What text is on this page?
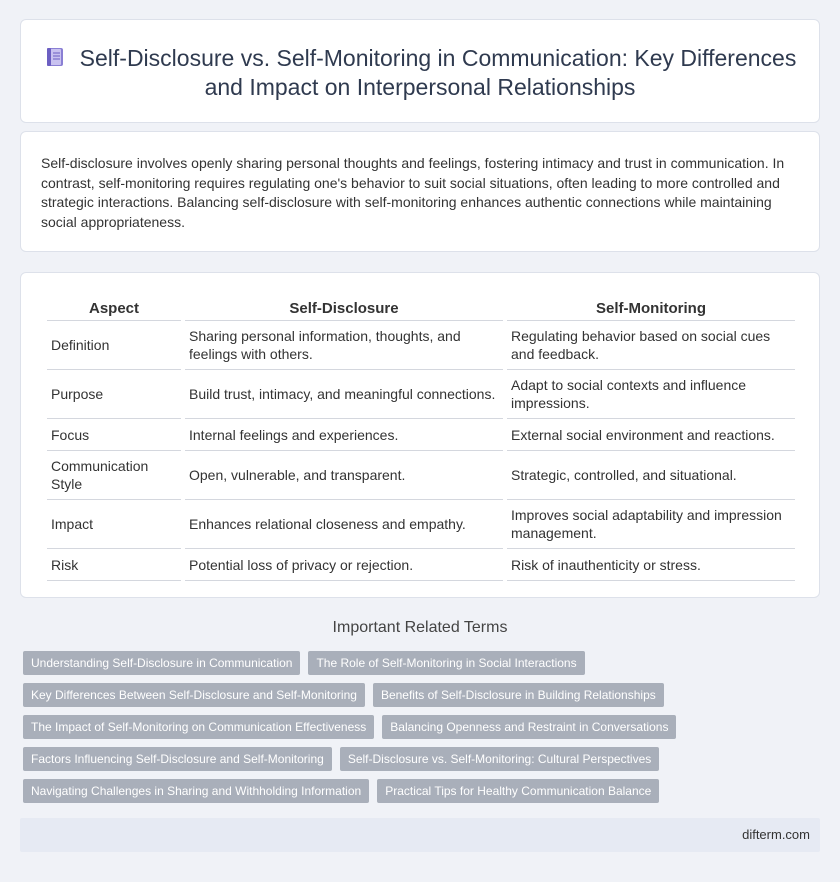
Self-Disclosure vs. Self-Monitoring in Communication: Key Differences and Impact on Interpersonal Relationships

Self-disclosure involves openly sharing personal thoughts and feelings, fostering intimacy and trust in communication. In contrast, self-monitoring requires regulating one's behavior to suit social situations, often leading to more controlled and strategic interactions. Balancing self-disclosure with self-monitoring enhances authentic connections while maintaining social appropriateness.

Aspect	Self-Disclosure	Self-Monitoring
Definition	Sharing personal information, thoughts, and feelings with others.	Regulating behavior based on social cues and feedback.
Purpose	Build trust, intimacy, and meaningful connections.	Adapt to social contexts and influence impressions.
Focus	Internal feelings and experiences.	External social environment and reactions.
Communication Style	Open, vulnerable, and transparent.	Strategic, controlled, and situational.
Impact	Enhances relational closeness and empathy.	Improves social adaptability and impression management.
Risk	Potential loss of privacy or rejection.	Risk of inauthenticity or stress.
Important Related Terms
Understanding Self-Disclosure in Communication	The Role of Self-Monitoring in Social Interactions
Key Differences Between Self-Disclosure and Self-Monitoring	Benefits of Self-Disclosure in Building Relationships
The Impact of Self-Monitoring on Communication Effectiveness	Balancing Openness and Restraint in Conversations
Factors Influencing Self-Disclosure and Self-Monitoring	Self-Disclosure vs. Self-Monitoring: Cultural Perspectives
Navigating Challenges in Sharing and Withholding Information	Practical Tips for Healthy Communication Balance
difterm.com
